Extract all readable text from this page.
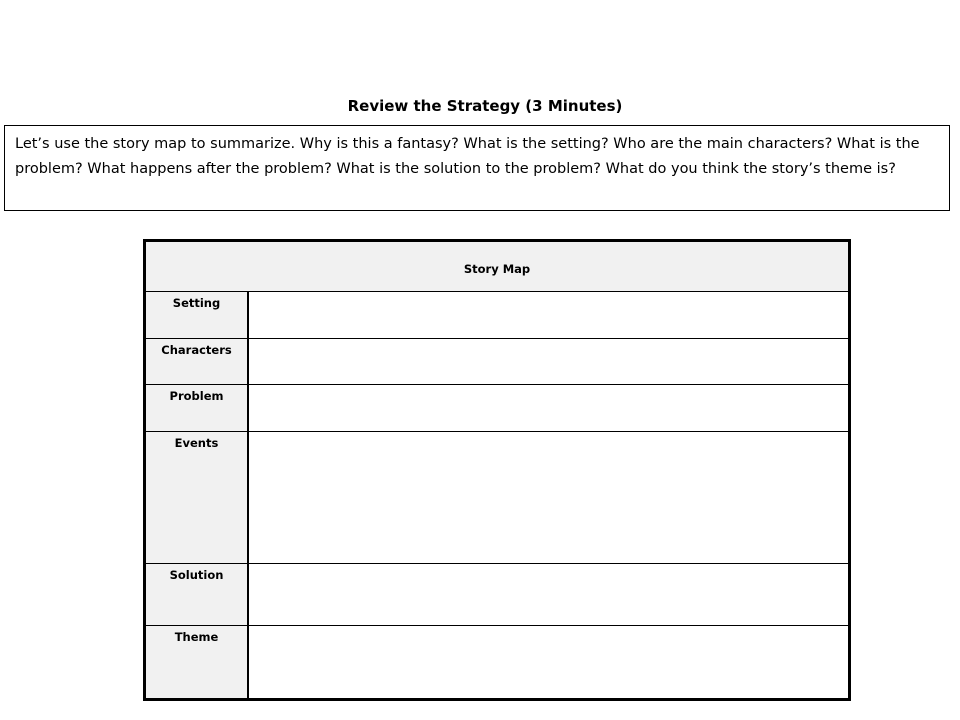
Review the Strategy (3 Minutes)
Let’s use the story map to summarize. Why is this a fantasy? What is the setting? Who are the main characters? What is the problem? What happens after the problem? What is the solution to the problem? What do you think the story’s theme is?
Story Map
Setting
Characters
Problem
Events
Solution
Theme
